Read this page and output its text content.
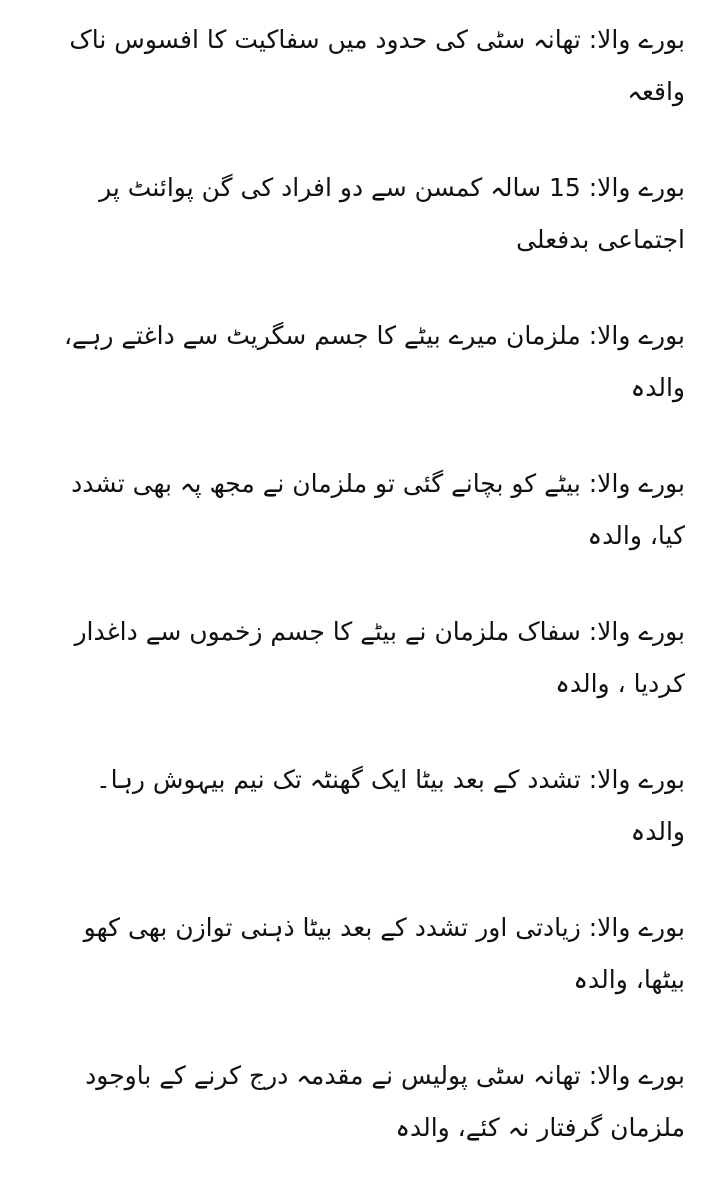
بورے والا: تھانہ سٹی کی حدود میں سفاکیت کا افسوس ناک واقعہ

بورے والا: 15 سالہ کمسن سے دو افراد کی گن پوائنٹ پر اجتماعی بدفعلی

بورے والا: ملزمان میرے بیٹے کا جسم سگریٹ سے داغتے رہے، والدہ

بورے والا: بیٹے کو بچانے گئی تو ملزمان نے مجھ پہ بھی تشدد کیا، والدہ

بورے والا: سفاک ملزمان نے بیٹے کا جسم زخموں سے داغدار کردیا ، والدہ

بورے والا: تشدد کے بعد بیٹا ایک گھنٹہ تک نیم بیہوش رہا۔ والدہ

بورے والا: زیادتی اور تشدد کے بعد بیٹا ذہنی توازن بھی کھو بیٹھا، والدہ

بورے والا: تھانہ سٹی پولیس نے مقدمہ درج کرنے کے باوجود ملزمان گرفتار نہ کئے، والدہ
